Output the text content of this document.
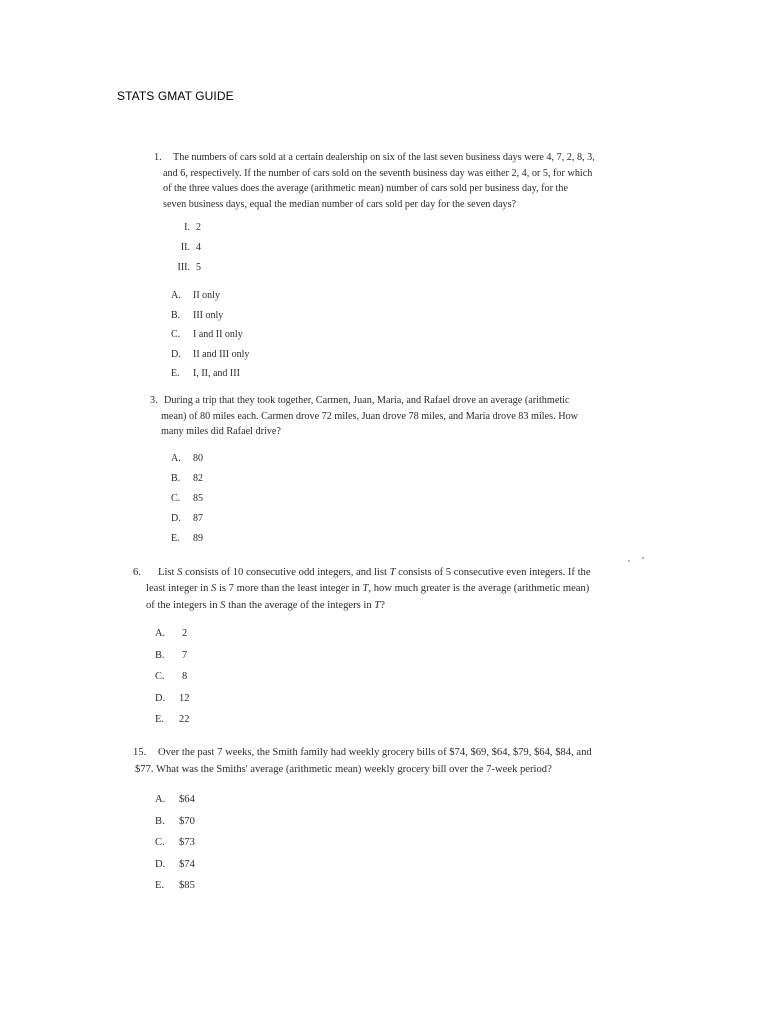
STATS GMAT GUIDE
1. The numbers of cars sold at a certain dealership on six of the last seven business days were 4, 7, 2, 8, 3,
and 6, respectively. If the number of cars sold on the seventh business day was either 2, 4, or 5, for which
of the three values does the average (arithmetic mean) number of cars sold per business day, for the
seven business days, equal the median number of cars sold per day for the seven days?
I. 2
II. 4
III. 5
A. II only
B. III only
C. I and II only
D. II and III only
E. I, II, and III
3. During a trip that they took together, Carmen, Juan, Maria, and Rafael drove an average (arithmetic
mean) of 80 miles each. Carmen drove 72 miles, Juan drove 78 miles, and Maria drove 83 miles. How
many miles did Rafael drive?
A. 80
B. 82
C. 85
D. 87
E. 89
6. List S consists of 10 consecutive odd integers, and list T consists of 5 consecutive even integers. If the
least integer in S is 7 more than the least integer in T, how much greater is the average (arithmetic mean)
of the integers in S than the average of the integers in T?
A. 2
B. 7
C. 8
D. 12
E. 22
15. Over the past 7 weeks, the Smith family had weekly grocery bills of $74, $69, $64, $79, $64, $84, and
$77. What was the Smiths' average (arithmetic mean) weekly grocery bill over the 7-week period?
A. $64
B. $70
C. $73
D. $74
E. $85
